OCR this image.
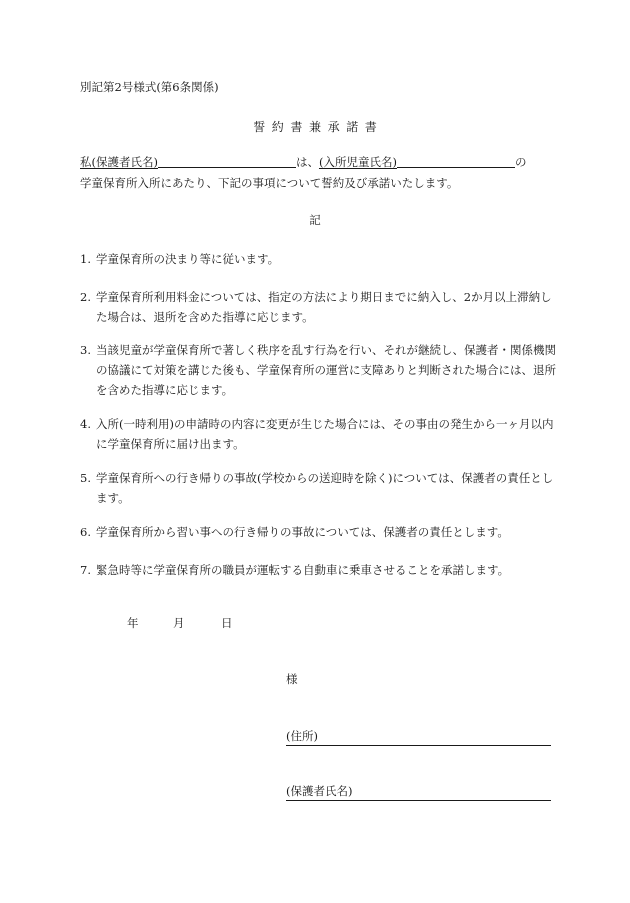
別記第2号様式(第6条関係)
誓約書兼承諾書
私(保護者氏名)	は、(入所児童氏名)	の
学童保育所入所にあたり、下記の事項について誓約及び承諾いたします。
記
1. 学童保育所の決まり等に従います。
2. 学童保育所利用料金については、指定の方法により期日までに納入し、2か月以上滞納した場合は、退所を含めた指導に応じます。
3. 当該児童が学童保育所で著しく秩序を乱す行為を行い、それが継続し、保護者・関係機関の協議にて対策を講じた後も、学童保育所の運営に支障ありと判断された場合には、退所を含めた指導に応じます。
4. 入所(一時利用)の申請時の内容に変更が生じた場合には、その事由の発生から一ヶ月以内に学童保育所に届け出ます。
5. 学童保育所への行き帰りの事故(学校からの送迎時を除く)については、保護者の責任とします。
6. 学童保育所から習い事への行き帰りの事故については、保護者の責任とします。
7. 緊急時等に学童保育所の職員が運転する自動車に乗車させることを承諾します。
年	月	日
様
(住所)
(保護者氏名)
